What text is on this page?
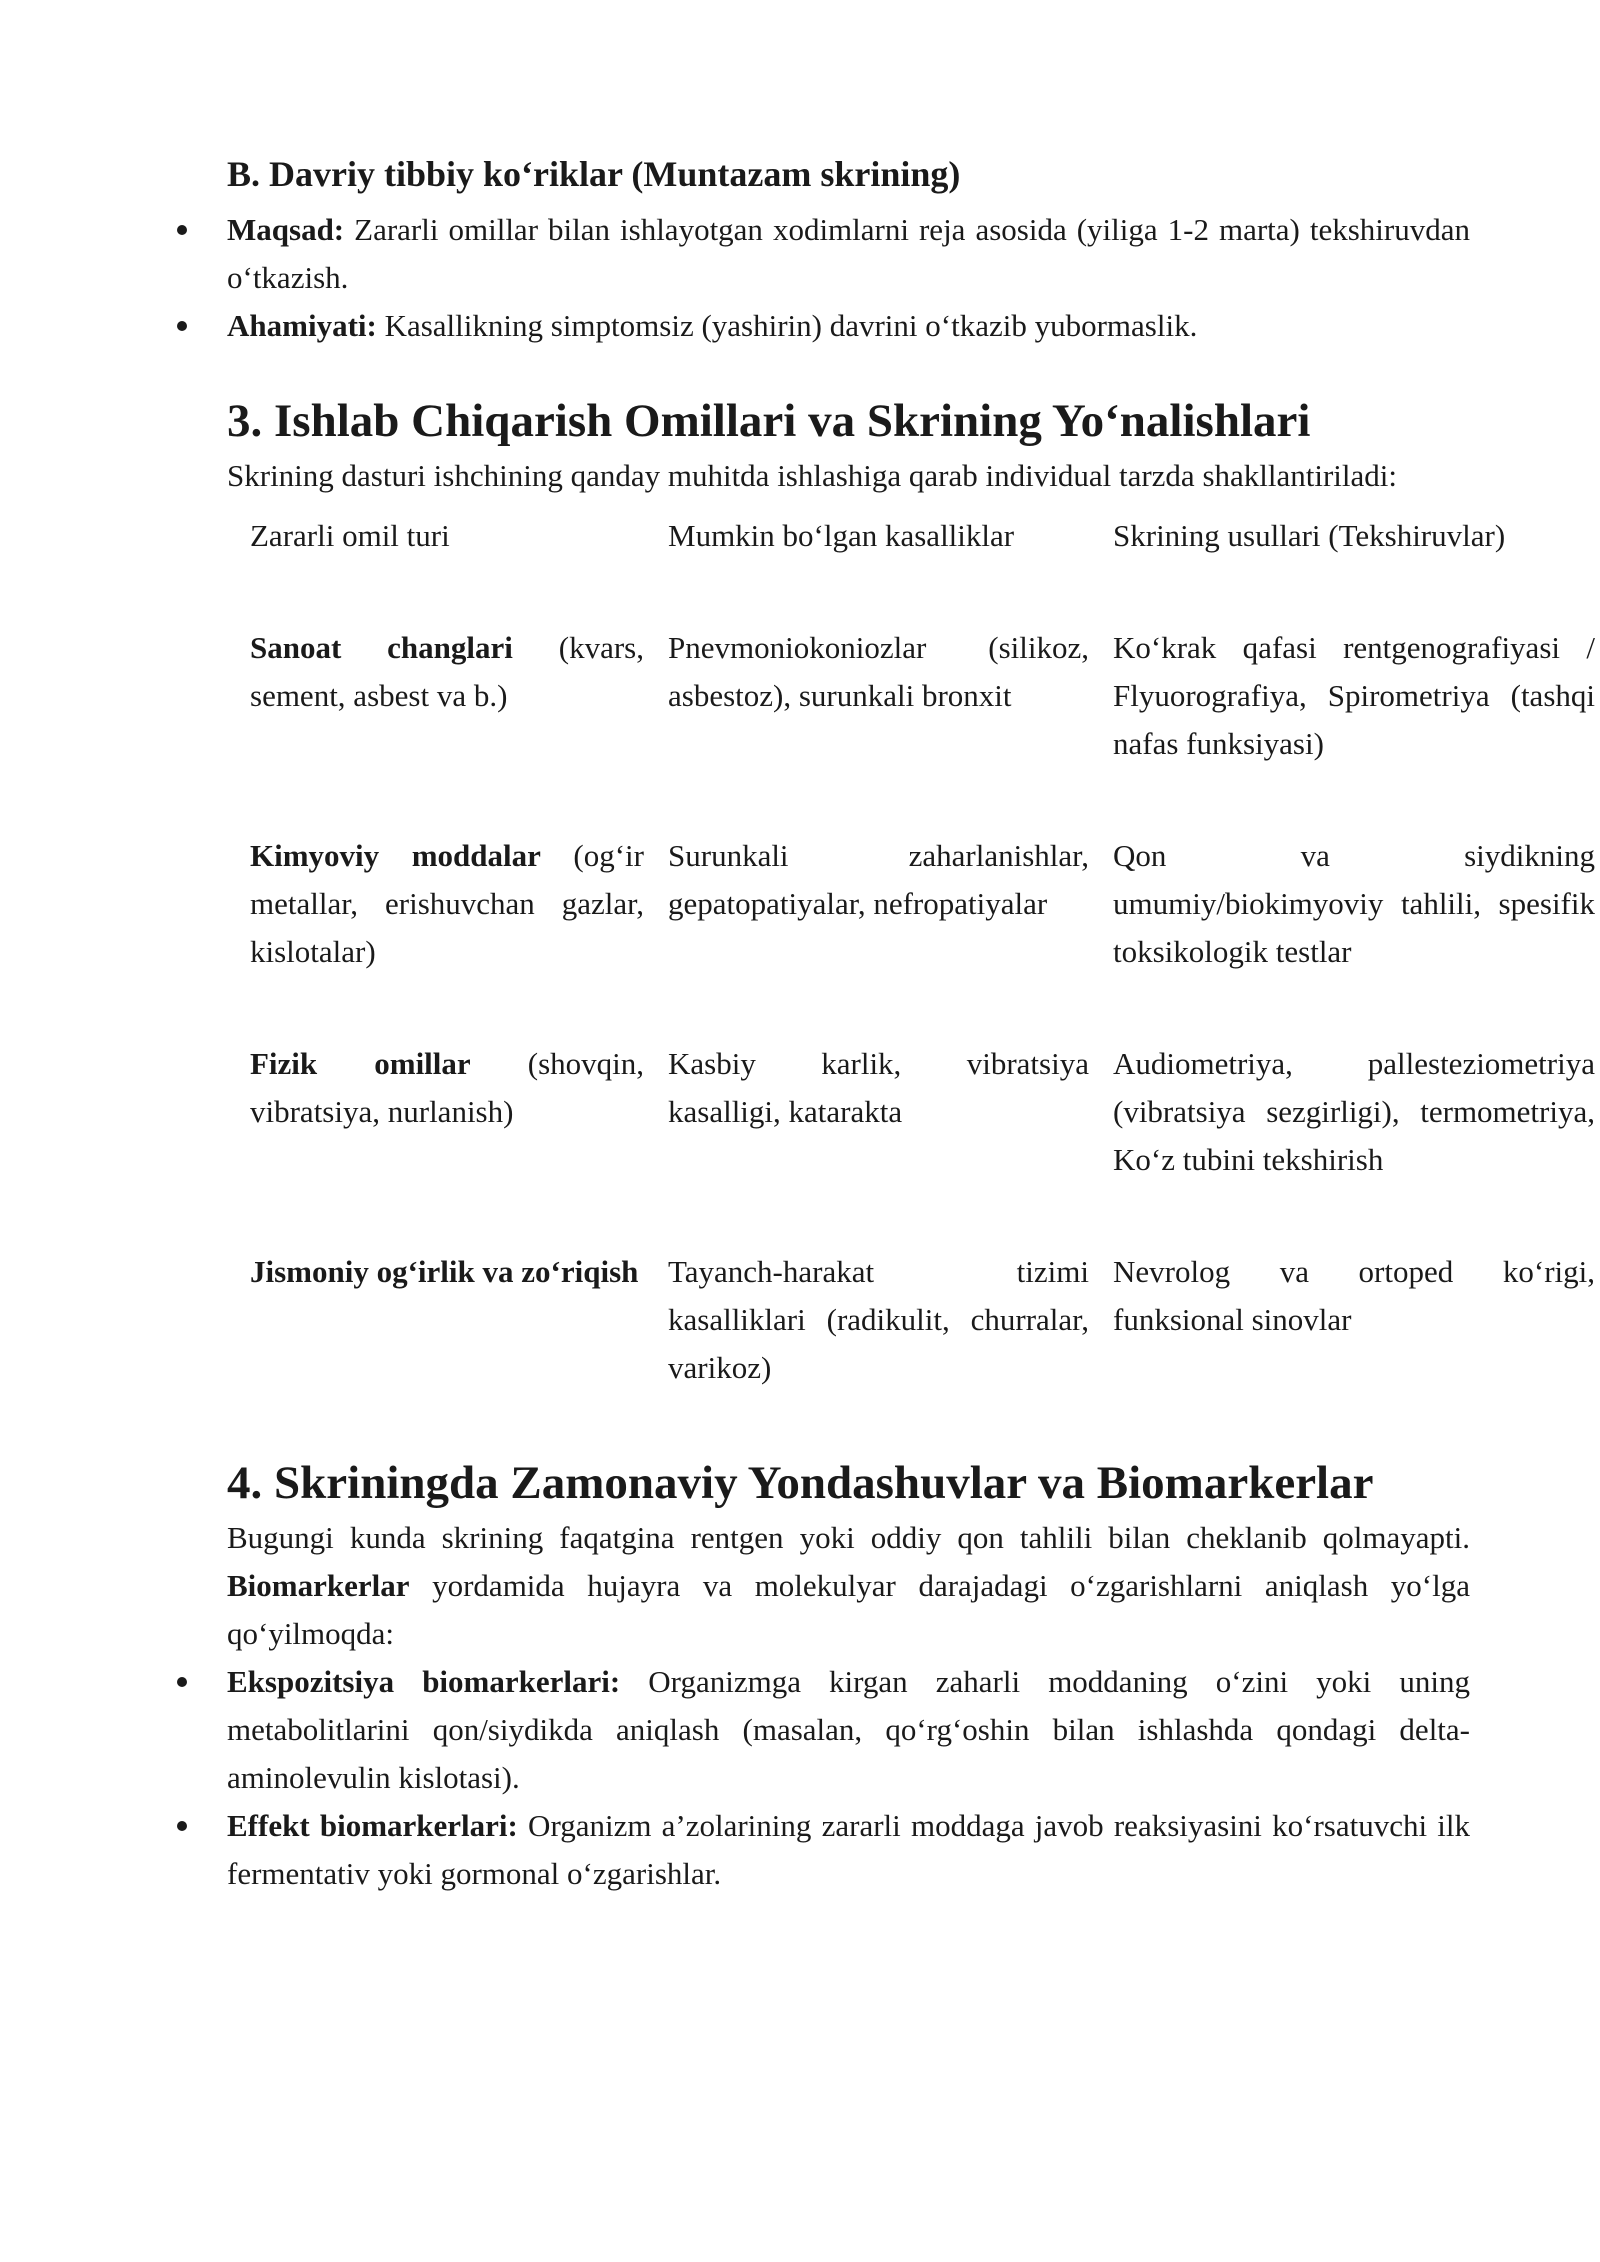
B. Davriy tibbiy ko‘riklar (Muntazam skrining)
Maqsad: Zararli omillar bilan ishlayotgan xodimlarni reja asosida (yiliga 1-2 marta) tekshiruvdan o‘tkazish.
Ahamiyati: Kasallikning simptomsiz (yashirin) davrini o‘tkazib yubormaslik.
3. Ishlab Chiqarish Omillari va Skrining Yo‘nalishlari

Skrining dasturi ishchining qanday muhitda ishlashiga qarab individual tarzda shakllantiriladi:

Zararli omil turi	Mumkin bo‘lgan kasalliklar	Skrining usullari (Tekshiruvlar)
Sanoat changlari (kvars, sement, asbest va b.)	Pnevmoniokoniozlar (silikoz, asbestoz), surunkali bronxit	Ko‘krak qafasi rentgenografiyasi / Flyuorografiya, Spirometriya (tashqi nafas funksiyasi)
Kimyoviy moddalar (og‘ir metallar, erishuvchan gazlar, kislotalar)	Surunkali zaharlanishlar, gepatopatiyalar, nefropatiyalar	Qon va siydikning umumiy/biokimyoviy tahlili, spesifik toksikologik testlar
Fizik omillar (shovqin, vibratsiya, nurlanish)	Kasbiy karlik, vibratsiya kasalligi, katarakta	Audiometriya, pallesteziometriya (vibratsiya sezgirligi), termometriya, Ko‘z tubini tekshirish
Jismoniy og‘irlik va zo‘riqish	Tayanch-harakat tizimi kasalliklari (radikulit, churralar, varikoz)	Nevrolog va ortoped ko‘rigi, funksional sinovlar
4. Skriningda Zamonaviy Yondashuvlar va Biomarkerlar

Bugungi kunda skrining faqatgina rentgen yoki oddiy qon tahlili bilan cheklanib qolmayapti. Biomarkerlar yordamida hujayra va molekulyar darajadagi o‘zgarishlarni aniqlash yo‘lga qo‘yilmoqda:

Ekspozitsiya biomarkerlari: Organizmga kirgan zaharli moddaning o‘zini yoki uning metabolitlarini qon/siydikda aniqlash (masalan, qo‘rg‘oshin bilan ishlashda qondagi delta-aminolevulin kislotasi).
Effekt biomarkerlari: Organizm a’zolarining zararli moddaga javob reaksiyasini ko‘rsatuvchi ilk fermentativ yoki gormonal o‘zgarishlar.
